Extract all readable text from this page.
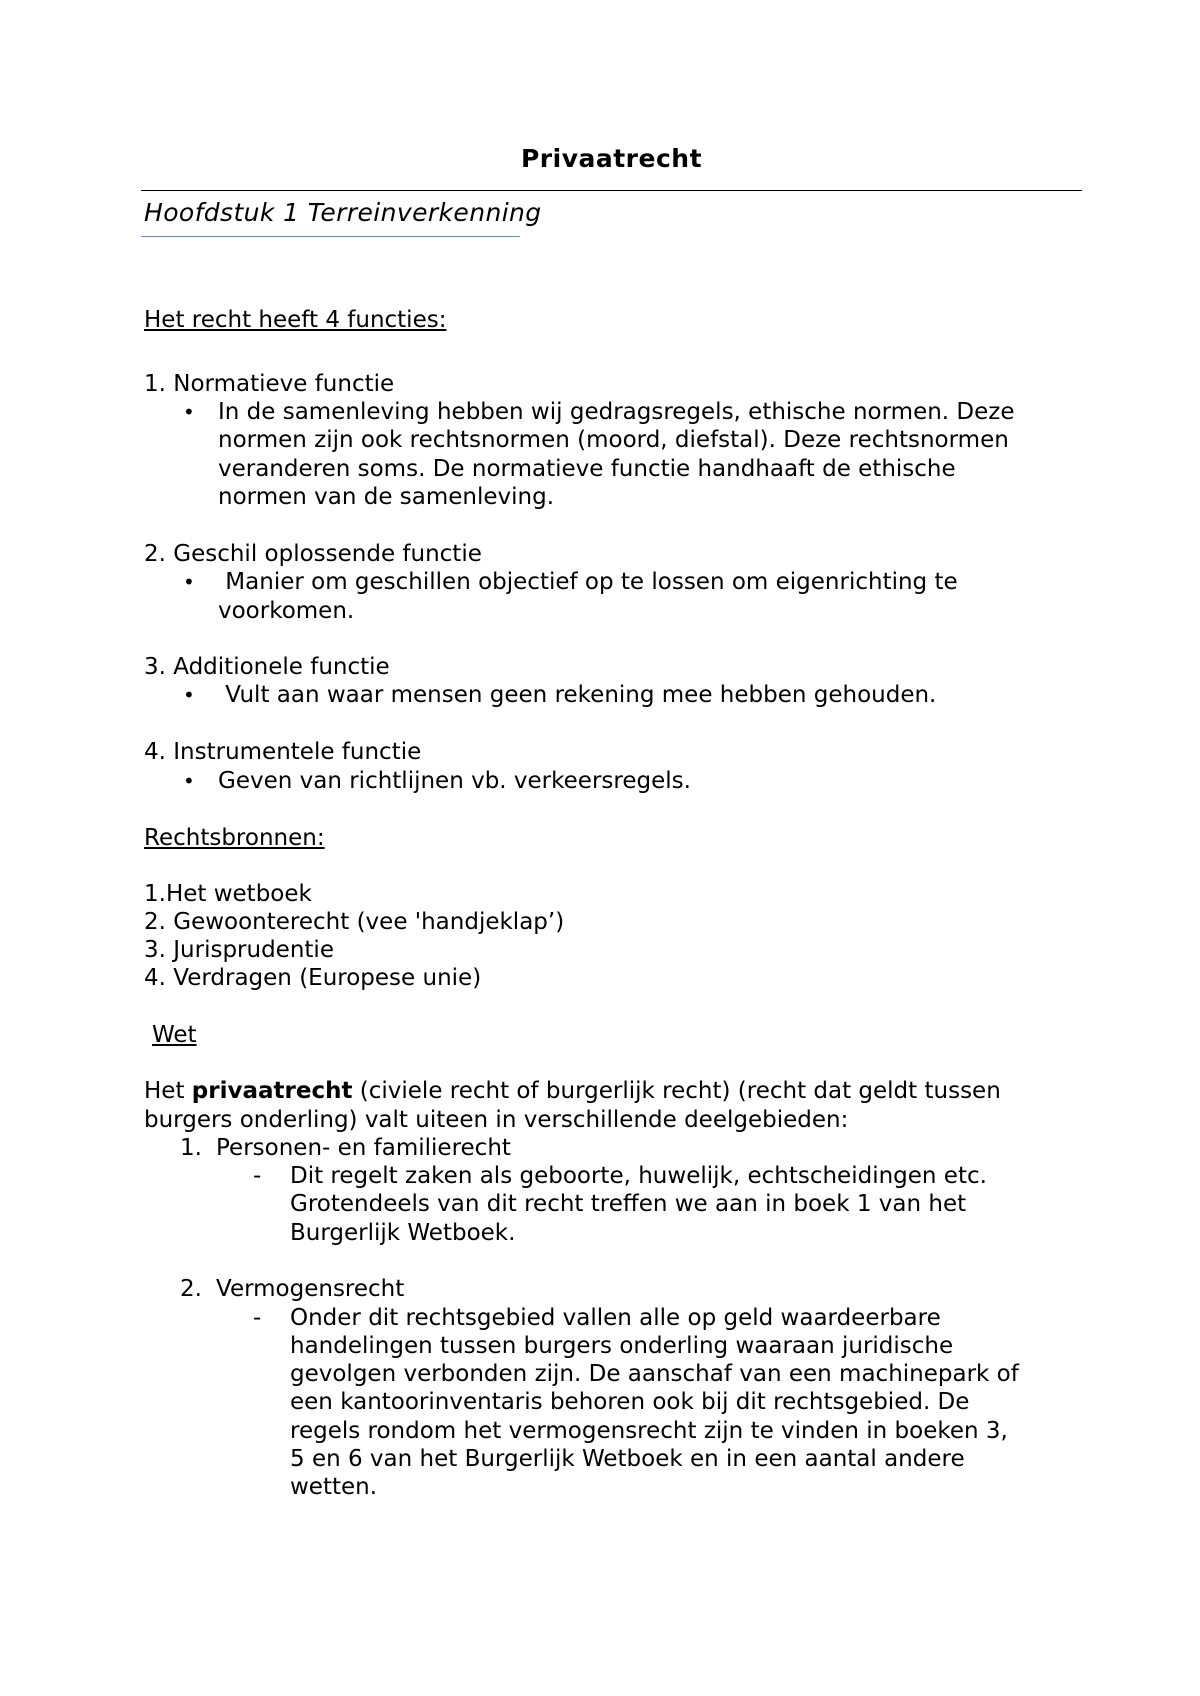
Privaatrecht
Hoofdstuk 1 Terreinverkenning
Het recht heeft 4 functies:
1. Normatieve functie
• In de samenleving hebben wij gedragsregels, ethische normen. Deze
normen zijn ook rechtsnormen (moord, diefstal). Deze rechtsnormen
veranderen soms. De normatieve functie handhaaft de ethische
normen van de samenleving.
2. Geschil oplossende functie
• Manier om geschillen objectief op te lossen om eigenrichting te
voorkomen.
3. Additionele functie
• Vult aan waar mensen geen rekening mee hebben gehouden.
4. Instrumentele functie
• Geven van richtlijnen vb. verkeersregels.
Rechtsbronnen:
1.Het wetboek
2. Gewoonterecht (vee 'handjeklap’)
3. Jurisprudentie
4. Verdragen (Europese unie)
Wet
Het privaatrecht (civiele recht of burgerlijk recht) (recht dat geldt tussen
burgers onderling) valt uiteen in verschillende deelgebieden:
1. Personen- en familierecht
- Dit regelt zaken als geboorte, huwelijk, echtscheidingen etc.
Grotendeels van dit recht treffen we aan in boek 1 van het
Burgerlijk Wetboek.
2. Vermogensrecht
- Onder dit rechtsgebied vallen alle op geld waardeerbare
handelingen tussen burgers onderling waaraan juridische
gevolgen verbonden zijn. De aanschaf van een machinepark of
een kantoorinventaris behoren ook bij dit rechtsgebied. De
regels rondom het vermogensrecht zijn te vinden in boeken 3,
5 en 6 van het Burgerlijk Wetboek en in een aantal andere
wetten.
